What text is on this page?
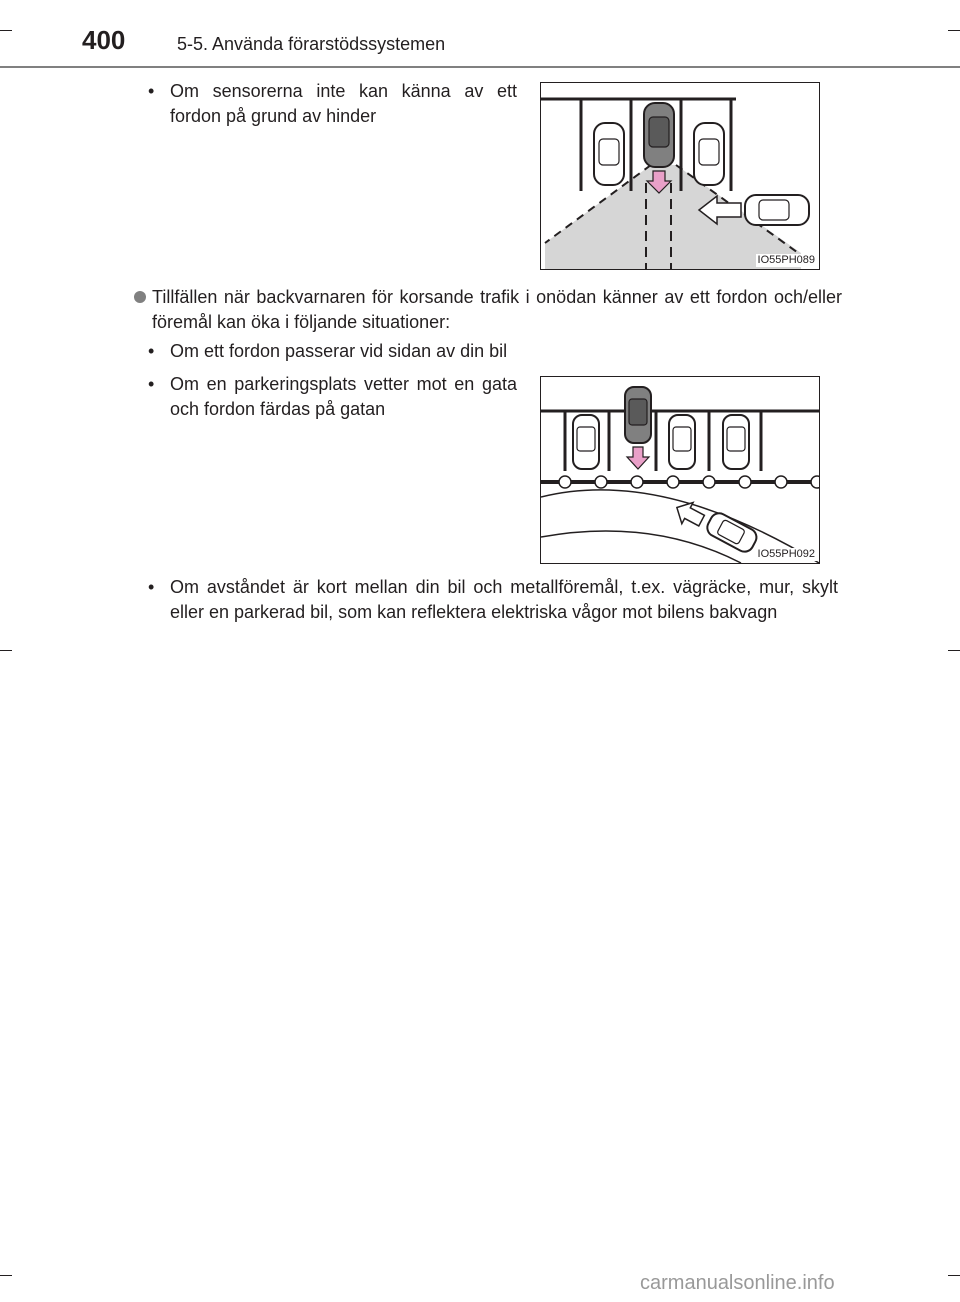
400	5-5. Använda förarstödssystemen
• Om sensorerna inte kan känna av ett fordon på grund av hinder
IO55PH089
Tillfällen när backvarnaren för korsande trafik i onödan känner av ett fordon och/eller föremål kan öka i följande situationer:
• Om ett fordon passerar vid sidan av din bil
• Om en parkeringsplats vetter mot en gata och fordon färdas på gatan
IO55PH092
• Om avståndet är kort mellan din bil och metallföremål, t.ex. vägräcke, mur, skylt eller en parkerad bil, som kan reflektera elektriska vågor mot bilens bakvagn
carmanualsonline.info
